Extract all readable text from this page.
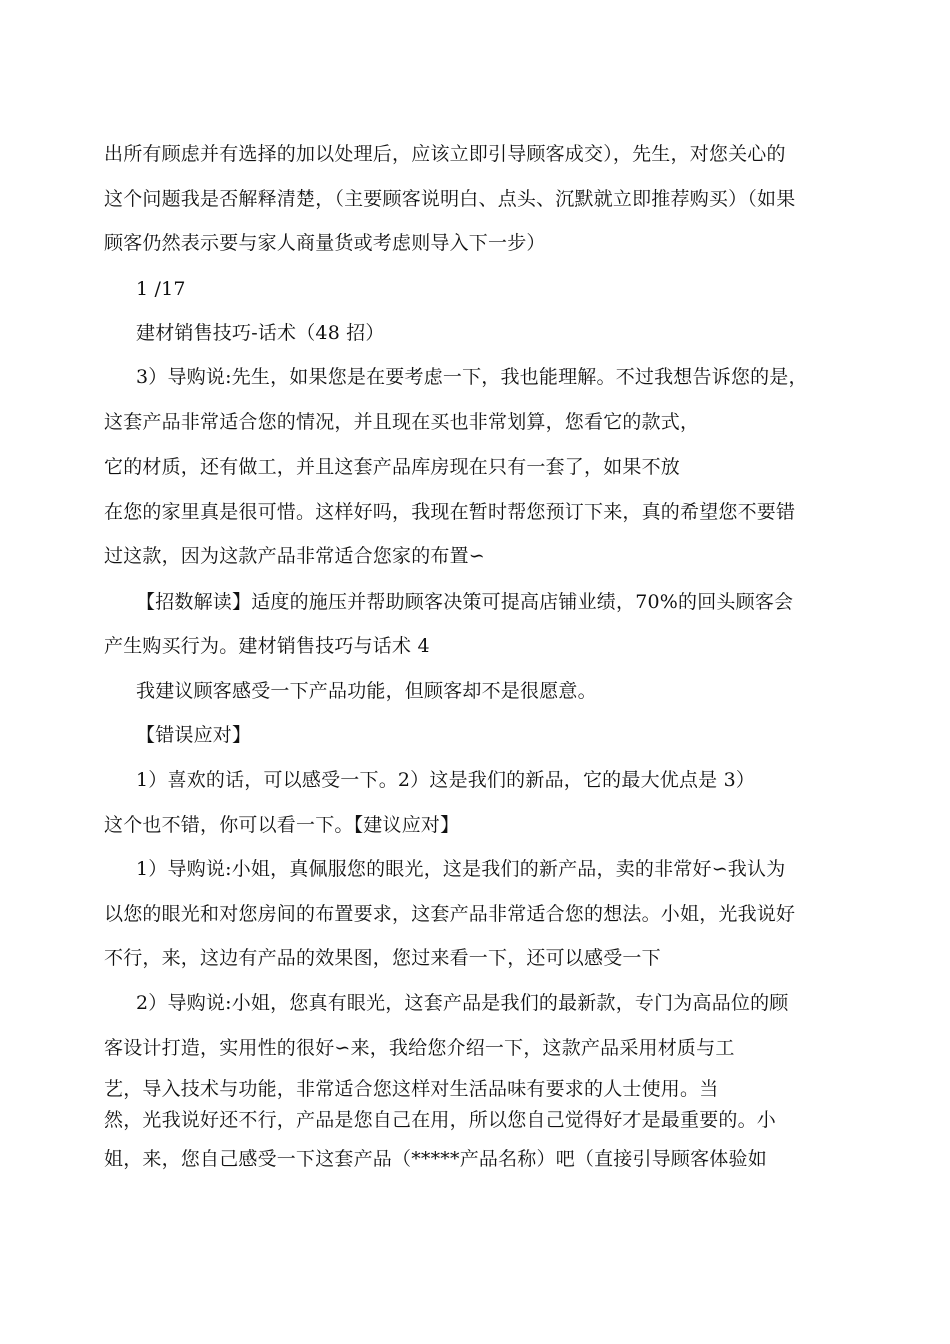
出所有顾虑并有选择的加以处理后，应该立即引导顾客成交），先生，对您关心的
这个问题我是否解释清楚，（主要顾客说明白、点头、沉默就立即推荐购买）（如果
顾客仍然表示要与家人商量货或考虑则导入下一步）
1 /17
建材销售技巧-话术（48 招）
3）导购说:先生，如果您是在要考虑一下，我也能理解。不过我想告诉您的是，
这套产品非常适合您的情况，并且现在买也非常划算，您看它的款式，
它的材质，还有做工，并且这套产品库房现在只有一套了，如果不放
在您的家里真是很可惜。这样好吗，我现在暂时帮您预订下来，真的希望您不要错
过这款，因为这款产品非常适合您家的布置∽
【招数解读】适度的施压并帮助顾客决策可提高店铺业绩，70%的回头顾客会
产生购买行为。建材销售技巧与话术 4
我建议顾客感受一下产品功能，但顾客却不是很愿意。
【错误应对】
1）喜欢的话，可以感受一下。2）这是我们的新品，它的最大优点是 3）
这个也不错，你可以看一下。【建议应对】
1）导购说:小姐，真佩服您的眼光，这是我们的新产品，卖的非常好∽我认为
以您的眼光和对您房间的布置要求，这套产品非常适合您的想法。小姐，光我说好
不行，来，这边有产品的效果图，您过来看一下，还可以感受一下
2）导购说:小姐，您真有眼光，这套产品是我们的最新款，专门为高品位的顾
客设计打造，实用性的很好∽来，我给您介绍一下，这款产品采用材质与工
艺，导入技术与功能，非常适合您这样对生活品味有要求的人士使用。当
然，光我说好还不行，产品是您自己在用，所以您自己觉得好才是最重要的。小
姐，来，您自己感受一下这套产品（*****产品名称）吧（直接引导顾客体验如
